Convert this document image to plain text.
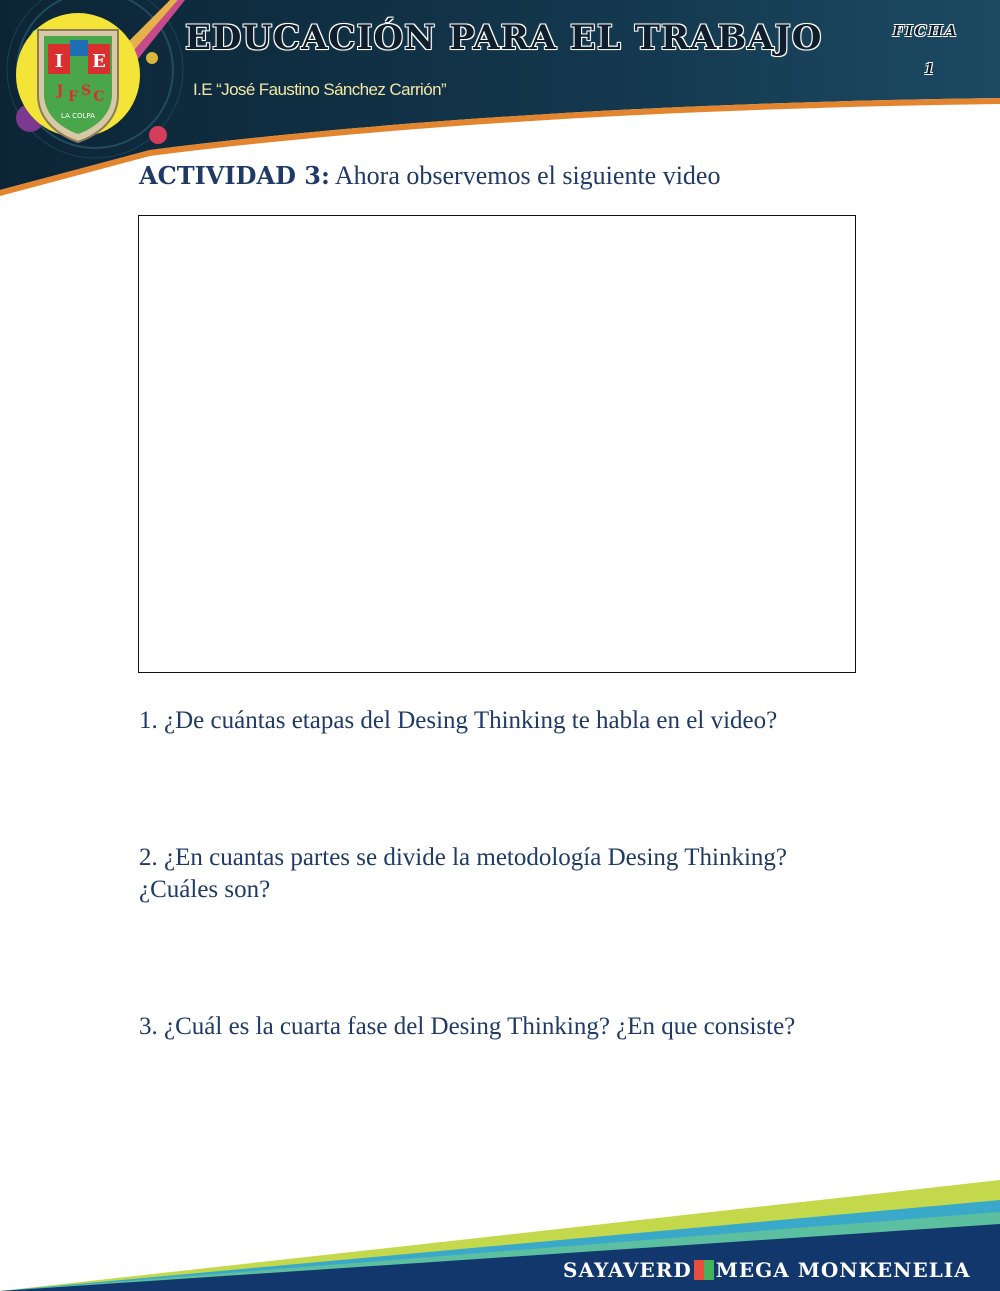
I E
J F S C
LA COLPA
EDUCACIÓN PARA EL TRABAJO
I.E “José Faustino Sánchez Carrión”
FICHA
1
ACTIVIDAD 3: Ahora observemos el siguiente video
1. ¿De cuántas etapas del Desing Thinking te habla en el video?
2. ¿En cuantas partes se divide la metodología Desing Thinking? ¿Cuáles son?
3. ¿Cuál es la cuarta fase del Desing Thinking? ¿En que consiste?
SAYAVERD MEGA MONKENELIA
